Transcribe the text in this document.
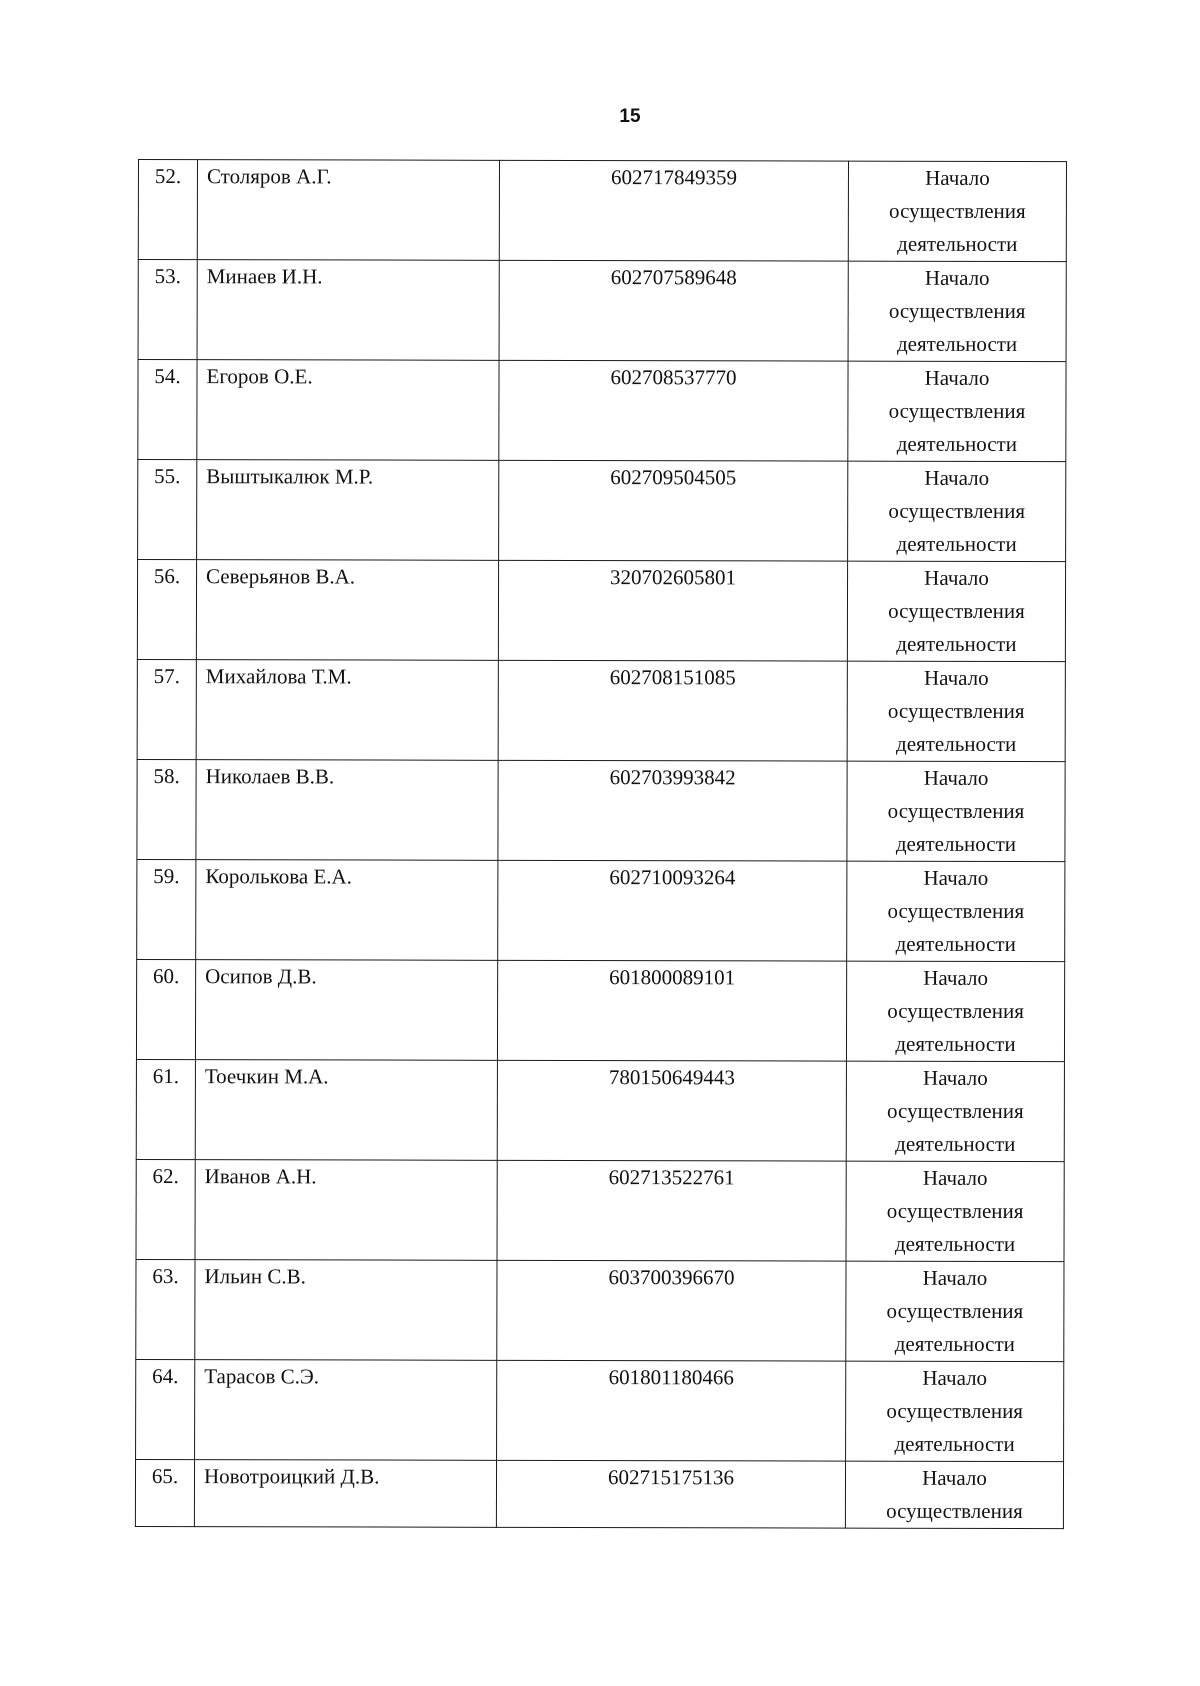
15
52.	Столяров А.Г.	602717849359	Начало осуществления деятельности

53.	Минаев И.Н.	602707589648	Начало осуществления деятельности

54.	Егоров О.Е.	602708537770	Начало осуществления деятельности

55.	Выштыкалюк М.Р.	602709504505	Начало осуществления деятельности

56.	Северьянов В.А.	320702605801	Начало осуществления деятельности

57.	Михайлова Т.М.	602708151085	Начало осуществления деятельности

58.	Николаев В.В.	602703993842	Начало осуществления деятельности

59.	Королькова Е.А.	602710093264	Начало осуществления деятельности

60.	Осипов Д.В.	601800089101	Начало осуществления деятельности

61.	Тоечкин М.А.	780150649443	Начало осуществления деятельности

62.	Иванов А.Н.	602713522761	Начало осуществления деятельности

63.	Ильин С.В.	603700396670	Начало осуществления деятельности

64.	Тарасов С.Э.	601801180466	Начало осуществления деятельности

65.	Новотроицкий Д.В.	602715175136	Начало осуществления
